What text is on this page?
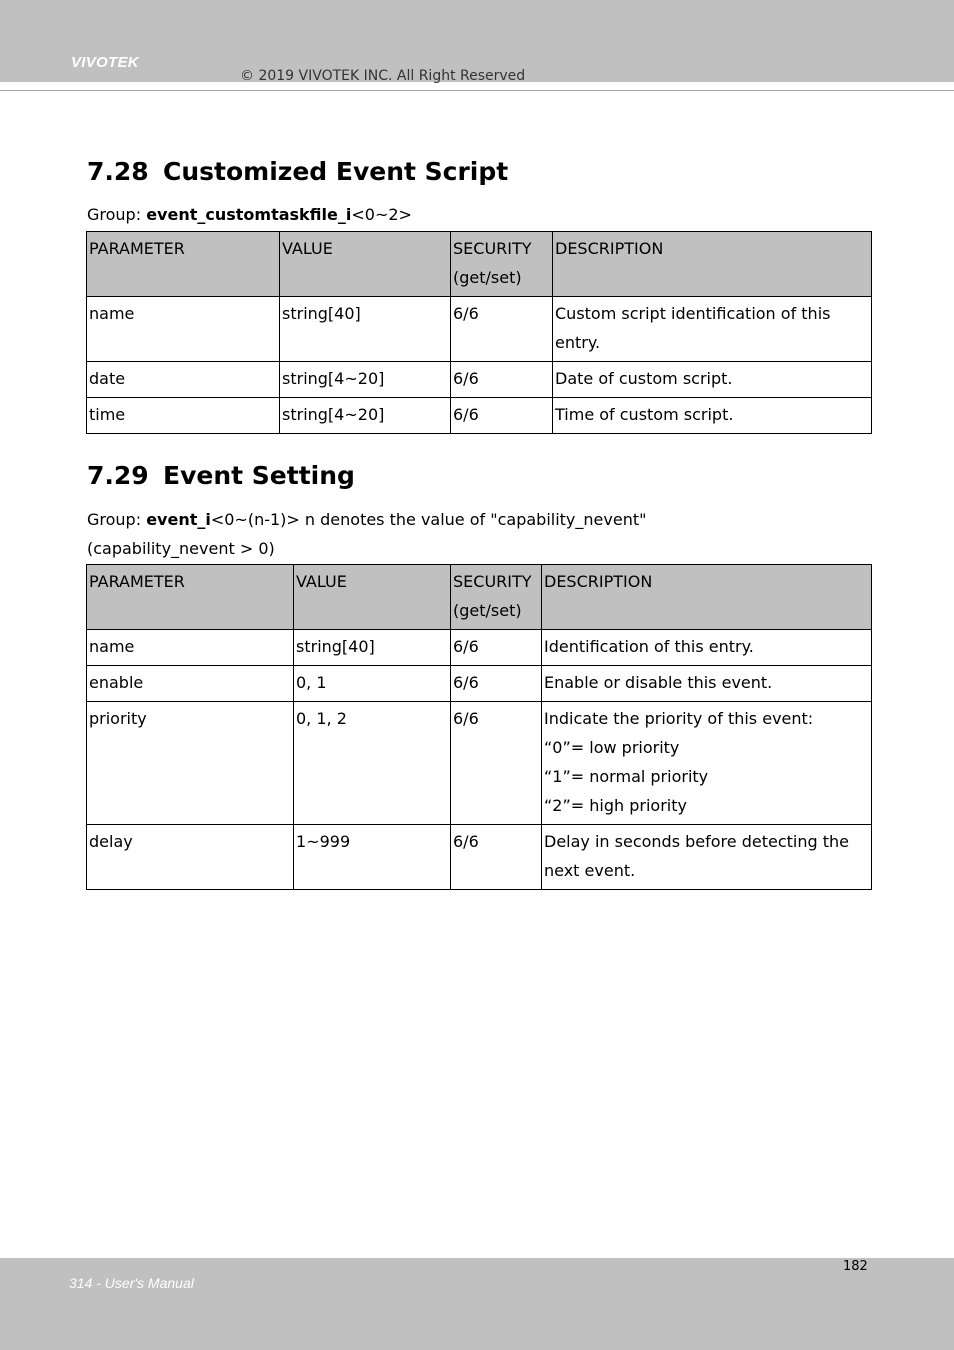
VIVOTEK
© 2019 VIVOTEK INC. All Right Reserved
7.28 Customized Event Script
Group: event_customtaskfile_i<0~2>
PARAMETER	VALUE	SECURITY (get/set)	DESCRIPTION
name	string[40]	6/6	Custom script identification of this entry.
date	string[4~20]	6/6	Date of custom script.
time	string[4~20]	6/6	Time of custom script.
7.29 Event Setting
Group: event_i<0~(n-1)> n denotes the value of "capability_nevent"
(capability_nevent > 0)
PARAMETER	VALUE	SECURITY (get/set)	DESCRIPTION
name	string[40]	6/6	Identification of this entry.
enable	0, 1	6/6	Enable or disable this event.
priority	0, 1, 2	6/6	Indicate the priority of this event:
“0”= low priority
“1”= normal priority
“2”= high priority
delay	1~999	6/6	Delay in seconds before detecting the next event.
314 - User's Manual
182
